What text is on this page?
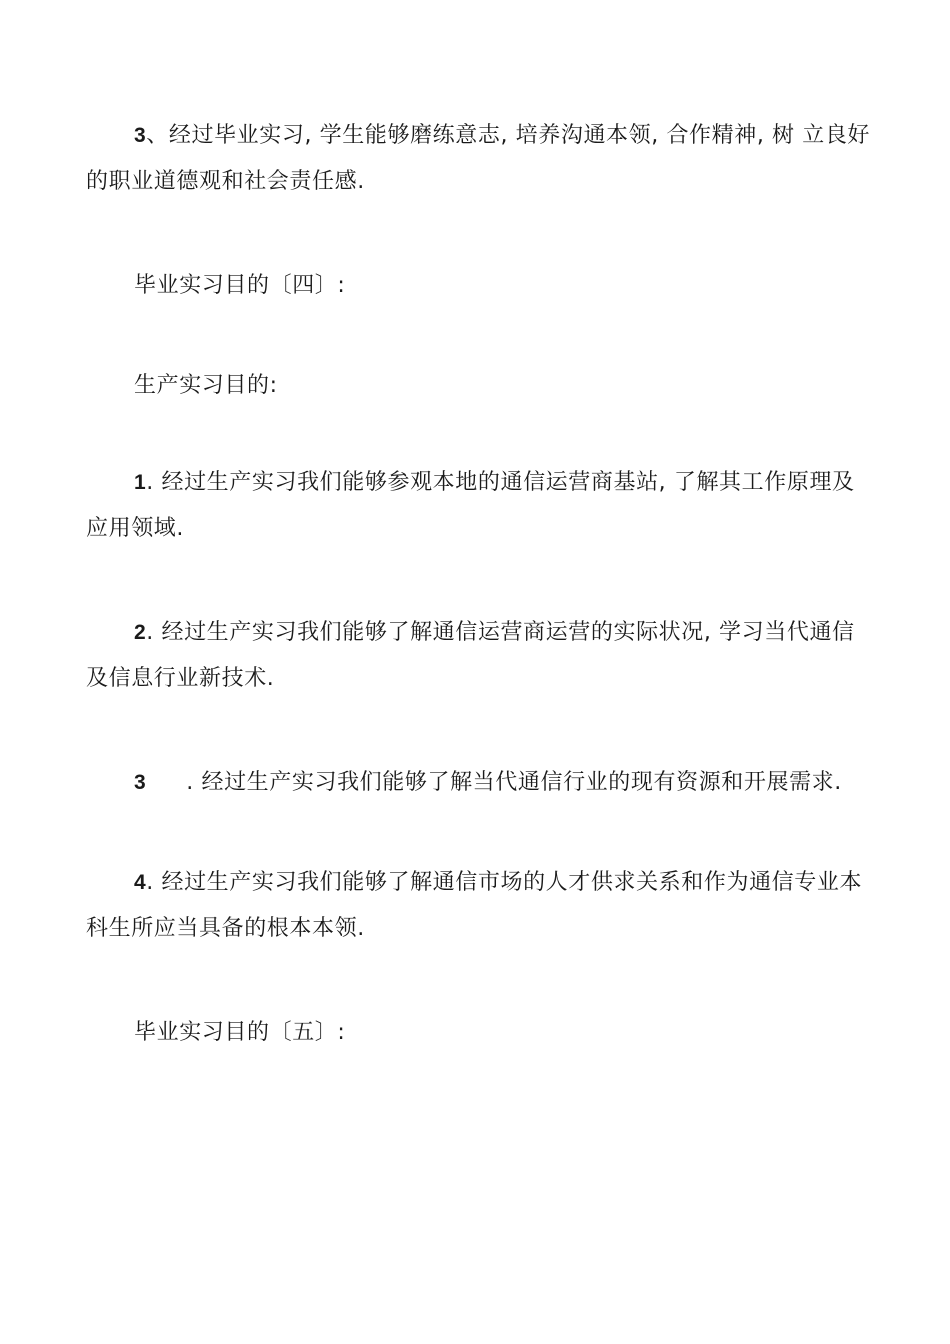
3、经过毕业实习, 学生能够磨练意志, 培养沟通本领, 合作精神, 树 立良好的职业道德观和社会责任感.

毕业实习目的〔四〕:

生产实习目的:

1. 经过生产实习我们能够参观本地的通信运营商基站, 了解其工作原理及应用领域.

2. 经过生产实习我们能够了解通信运营商运营的实际状况, 学习当代通信及信息行业新技术.

3 . 经过生产实习我们能够了解当代通信行业的现有资源和开展需求.

4. 经过生产实习我们能够了解通信市场的人才供求关系和作为通信专业本科生所应当具备的根本本领.

毕业实习目的〔五〕:
